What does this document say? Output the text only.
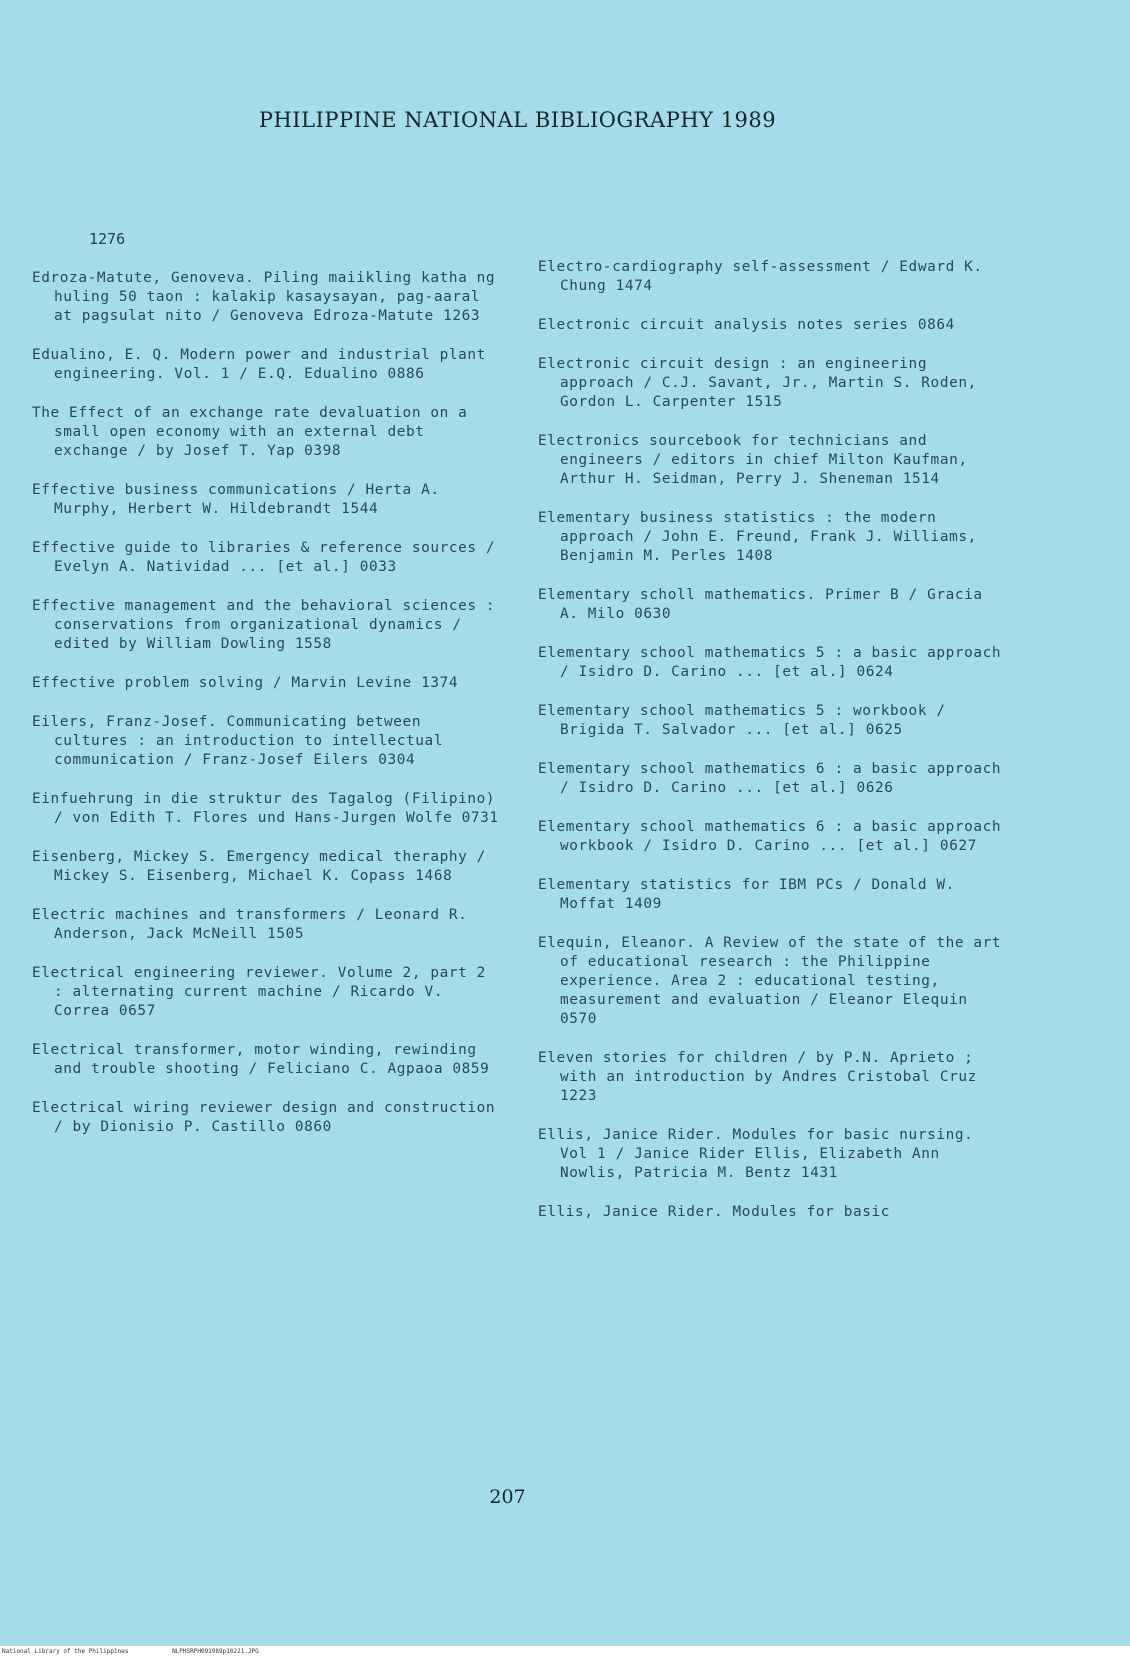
PHILIPPINE NATIONAL BIBLIOGRAPHY 1989
1276

Edroza-Matute, Genoveva. Piling maiikling katha ng huling 50 taon : kalakip kasaysayan, pag-aaral at pagsulat nito / Genoveva Edroza-Matute 1263

Edualino, E. Q. Modern power and industrial plant engineering. Vol. 1 / E.Q. Edualino 0886

The Effect of an exchange rate devaluation on a small open economy with an external debt exchange / by Josef T. Yap 0398

Effective business communications / Herta A. Murphy, Herbert W. Hildebrandt 1544

Effective guide to libraries & reference sources / Evelyn A. Natividad ... [et al.] 0033

Effective management and the behavioral sciences : conservations from organizational dynamics / edited by William Dowling 1558

Effective problem solving / Marvin Levine 1374

Eilers, Franz-Josef. Communicating between cultures : an introduction to intellectual communication / Franz-Josef Eilers 0304

Einfuehrung in die struktur des Tagalog (Filipino) / von Edith T. Flores und Hans-Jurgen Wolfe 0731

Eisenberg, Mickey S. Emergency medical theraphy / Mickey S. Eisenberg, Michael K. Copass 1468

Electric machines and transformers / Leonard R. Anderson, Jack McNeill 1505

Electrical engineering reviewer. Volume 2, part 2 : alternating current machine / Ricardo V. Correa 0657

Electrical transformer, motor winding, rewinding and trouble shooting / Feliciano C. Agpaoa 0859

Electrical wiring reviewer design and construction / by Dionisio P. Castillo 0860

Electro-cardiography self-assessment / Edward K. Chung 1474

Electronic circuit analysis notes series 0864

Electronic circuit design : an engineering approach / C.J. Savant, Jr., Martin S. Roden, Gordon L. Carpenter 1515

Electronics sourcebook for technicians and engineers / editors in chief Milton Kaufman, Arthur H. Seidman, Perry J. Sheneman 1514

Elementary business statistics : the modern approach / John E. Freund, Frank J. Williams, Benjamin M. Perles 1408

Elementary scholl mathematics. Primer B / Gracia A. Milo 0630

Elementary school mathematics 5 : a basic approach / Isidro D. Carino ... [et al.] 0624

Elementary school mathematics 5 : workbook / Brigida T. Salvador ... [et al.] 0625

Elementary school mathematics 6 : a basic approach / Isidro D. Carino ... [et al.] 0626

Elementary school mathematics 6 : a basic approach workbook / Isidro D. Carino ... [et al.] 0627

Elementary statistics for IBM PCs / Donald W. Moffat 1409

Elequin, Eleanor. A Review of the state of the art of educational research : the Philippine experience. Area 2 : educational testing, measurement and evaluation / Eleanor Elequin 0570

Eleven stories for children / by P.N. Aprieto ; with an introduction by Andres Cristobal Cruz 1223

Ellis, Janice Rider. Modules for basic nursing. Vol 1 / Janice Rider Ellis, Elizabeth Ann Nowlis, Patricia M. Bentz 1431

Ellis, Janice Rider. Modules for basic

207
National Library of the Philippines	NLPHSRPH091989p10221.JPG
